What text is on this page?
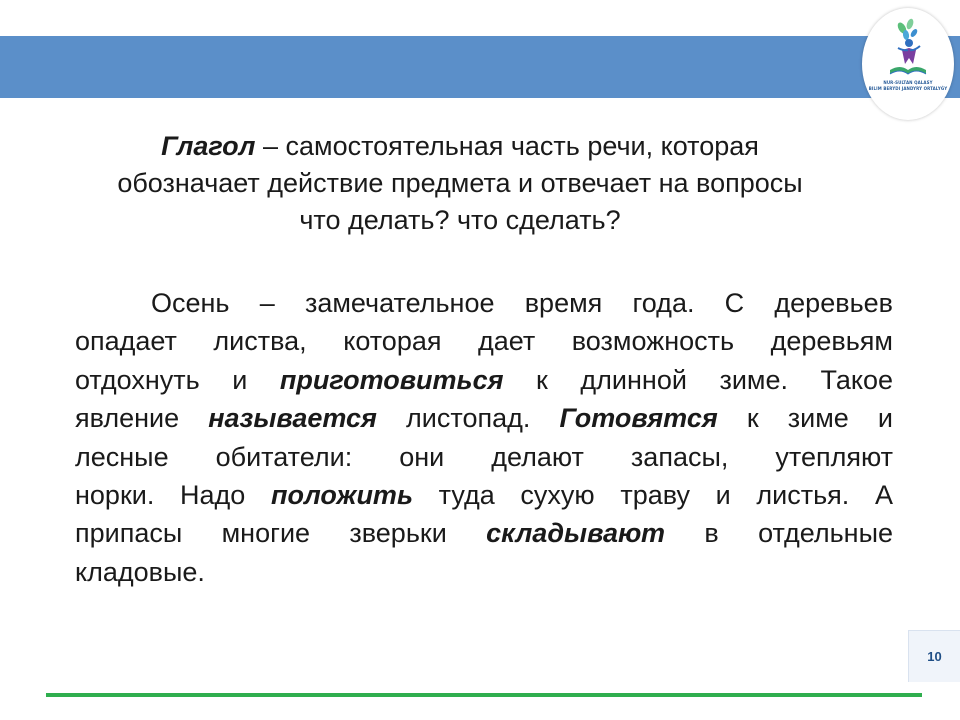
NUR-SULTAN QALASY
BILIM BERÝDI JANDYRÝ ORTALYǴY
Глагол – самостоятельная часть речи, которая
обозначает действие предмета и отвечает на вопросы
что делать? что сделать?
Осень – замечательное время года. С деревьев
опадает листва, которая дает возможность деревьям
отдохнуть и приготовиться к длинной зиме. Такое
явление называется листопад. Готовятся к зиме и
лесные обитатели: они делают запасы, утепляют
норки. Надо положить туда сухую траву и листья. А
припасы многие зверьки складывают в отдельные
кладовые.
10
